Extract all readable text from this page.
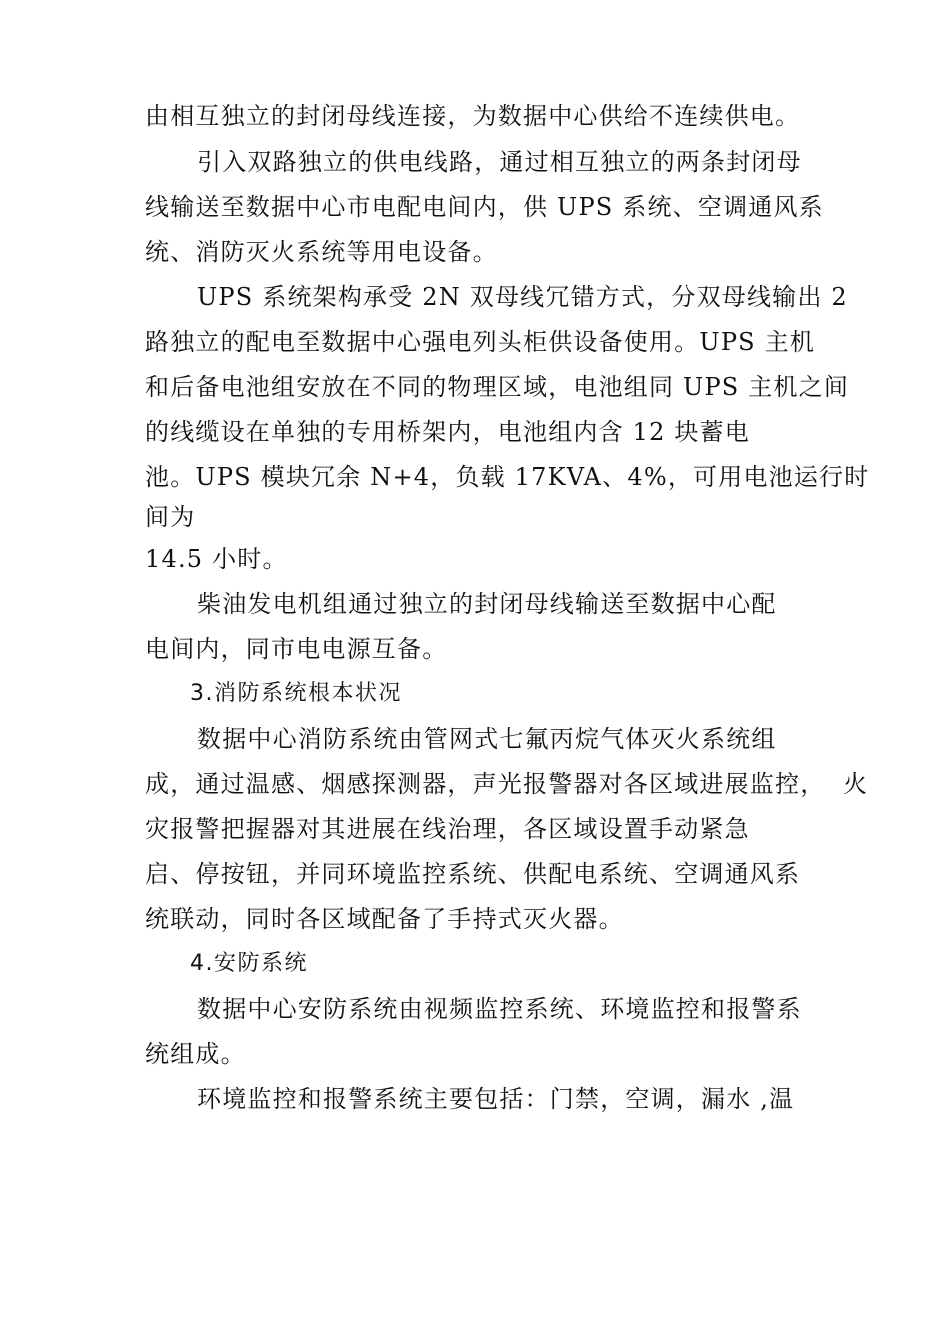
由相互独立的封闭母线连接，为数据中心供给不连续供电。
引入双路独立的供电线路，通过相互独立的两条封闭母
线输送至数据中心市电配电间内，供 UPS 系统、空调通风系
统、消防灭火系统等用电设备。
UPS 系统架构承受 2N 双母线冗错方式，分双母线输出 2
路独立的配电至数据中心强电列头柜供设备使用。UPS 主机
和后备电池组安放在不同的物理区域，电池组同 UPS 主机之间
的线缆设在单独的专用桥架内，电池组内含 12 块蓄电
池。UPS 模块冗余 N+4，负载 17KVA、4%，可用电池运行时
间为
14.5 小时。
柴油发电机组通过独立的封闭母线输送至数据中心配
电间内，同市电电源互备。
3.消防系统根本状况
数据中心消防系统由管网式七氟丙烷气体灭火系统组
成，通过温感、烟感探测器，声光报警器对各区域进展监控，  火
灾报警把握器对其进展在线治理，各区域设置手动紧急
启、停按钮，并同环境监控系统、供配电系统、空调通风系
统联动，同时各区域配备了手持式灭火器。
4.安防系统
数据中心安防系统由视频监控系统、环境监控和报警系
统组成。
环境监控和报警系统主要包括：门禁，空调，漏水 ,温
